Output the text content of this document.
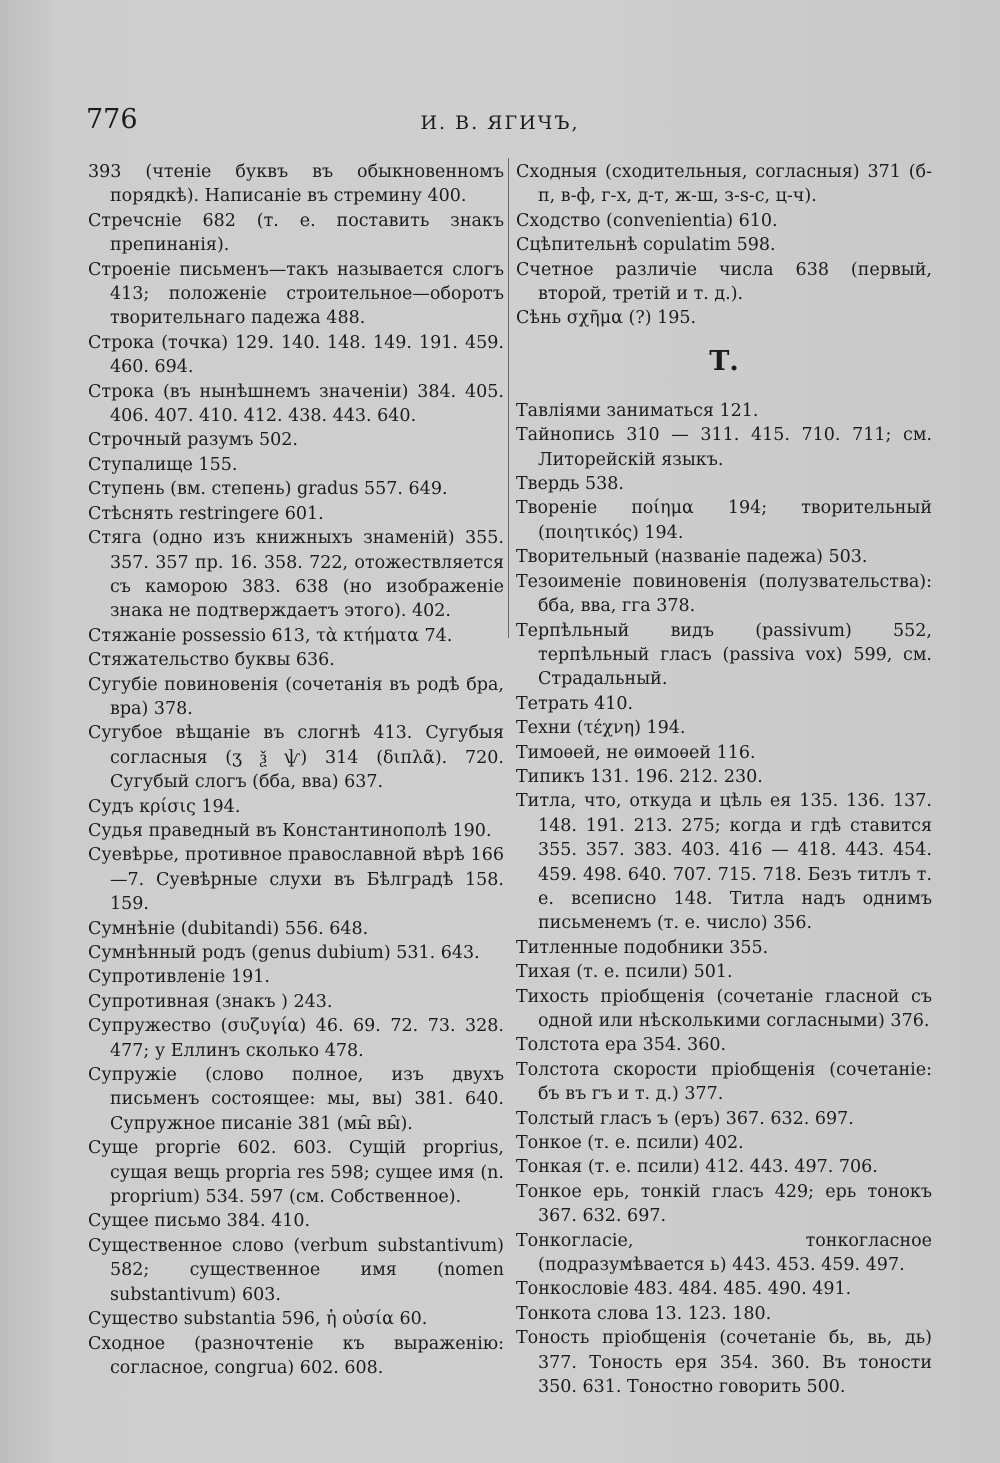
776	И. В. ЯГИЧЪ,
393 (чтеніе буквъ въ обыкновенномъ порядкѣ). Написаніе въ стремину 400.
Стречсніе 682 (т. е. поставить знакъ препинанія).
Строеніе письменъ—такъ называется слогъ 413; положеніе строительное—оборотъ творительнаго падежа 488.
Строка (точка) 129. 140. 148. 149. 191. 459. 460. 694.
Строка (въ нынѣшнемъ значеніи) 384. 405. 406. 407. 410. 412. 438. 443. 640.
Строчный разумъ 502.
Ступалище 155.
Ступень (вм. степень) gradus 557. 649.
Стѣснять restringere 601.
Стяга (одно изъ книжныхъ знаменій) 355. 357. 357 пр. 16. 358. 722, отожествляется съ каморою 383. 638 (но изображеніе знака не подтверждаетъ этого). 402.
Стяжаніе possessio 613, τὰ κτήματα 74.
Стяжательство буквы 636.
Сугубіе повиновенія (сочетанія въ родѣ бра, вра) 378.
Сугубое вѣщаніе въ слогнѣ 413. Сугубыя согласныя (ʒ ѯ ѱ) 314 (διπλᾶ). 720. Сугубый слогъ (бба, вва) 637.
Судъ κρίσις 194.
Судья праведный въ Константинополѣ 190.
Суевѣрье, противное православной вѣрѣ 166—7. Суевѣрные слухи въ Бѣлградѣ 158. 159.
Сумнѣніе (dubitandi) 556. 648.
Сумнѣнный родъ (genus dubium) 531. 643.
Супротивленіе 191.
Супротивная (знакъ ) 243.
Супружество (συζυγία) 46. 69. 72. 73. 328. 477; у Еллинъ сколько 478.
Супружіе (слово полное, изъ двухъ письменъ состоящее: мы, вы) 381. 640. Супружное писаніе 381 (мы̑ вы̑).
Суще proprie 602. 603. Сущій proprius, сущая вещь propria res 598; сущее имя (n. proprium) 534. 597 (см. Собственное).
Сущее письмо 384. 410.
Существенное слово (verbum substantivum) 582; существенное имя (nomen substantivum) 603.
Существо substantia 596, ἡ οὐσία 60.
Сходное (разночтеніе къ выраженію: согласное, congrua) 602. 608.
Сходныя (сходительныя, согласныя) 371 (б-п, в-ф, г-х, д-т, ж-ш, з-ѕ-с, ц-ч).
Сходство (convenientia) 610.
Сцѣпительнѣ copulatim 598.
Счетное различіе числа 638 (первый, второй, третій и т. д.).
Сѣнь σχῆμα (?) 195.
Т.
Тавліями заниматься 121.
Тайнопись 310 — 311. 415. 710. 711; см. Литорейскій языкъ.
Твердь 538.
Твореніе ποίημα 194; творительный (ποιητικός) 194.
Творительный (названіе падежа) 503.
Тезоименіе повиновенія (полузвательства): бба, вва, гга 378.
Терпѣльный видъ (passivum) 552, терпѣльный гласъ (passiva vox) 599, см. Страдальный.
Тетрать 410.
Техни (τέχνη) 194.
Тимоѳей, не ѳимоѳей 116.
Типикъ 131. 196. 212. 230.
Титла, что, откуда и цѣль ея 135. 136. 137. 148. 191. 213. 275; когда и гдѣ ставится 355. 357. 383. 403. 416 — 418. 443. 454. 459. 498. 640. 707. 715. 718. Безъ титлъ т. е. всеписно 148. Титла надъ однимъ письменемъ (т. е. число) 356.
Титленные подобники 355.
Тихая (т. е. псили) 501.
Тихость пріобщенія (сочетаніе гласной съ одной или нѣсколькими согласными) 376.
Толстота ера 354. 360.
Толстота скорости пріобщенія (сочетаніе: бъ въ гъ и т. д.) 377.
Толстый гласъ ъ (еръ) 367. 632. 697.
Тонкое (т. е. псили) 402.
Тонкая (т. е. псили) 412. 443. 497. 706.
Тонкое ерь, тонкій гласъ 429; ерь тонокъ 367. 632. 697.
Тонкогласіе, тонкогласное (подразумѣвается ь) 443. 453. 459. 497.
Тонкословіе 483. 484. 485. 490. 491.
Тонкота слова 13. 123. 180.
Тоность пріобщенія (сочетаніе бь, вь, дь) 377. Тоность еря 354. 360. Въ тоности 350. 631. Тоностно говорить 500.
